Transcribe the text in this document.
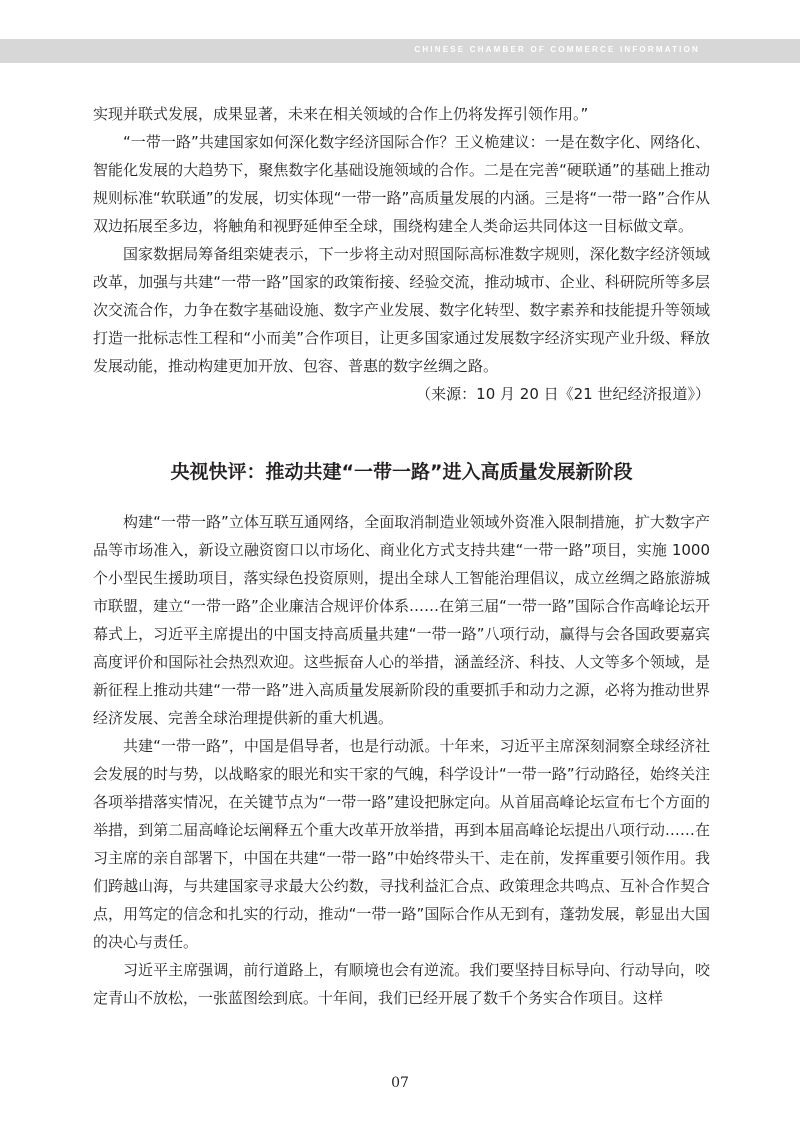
CHINESE CHAMBER OF COMMERCE INFORMATION

实现并联式发展，成果显著，未来在相关领域的合作上仍将发挥引领作用。”

“一带一路”共建国家如何深化数字经济国际合作？王义桅建议：一是在数字化、网络化、智能化发展的大趋势下，聚焦数字化基础设施领域的合作。二是在完善“硬联通”的基础上推动规则标准“软联通”的发展，切实体现“一带一路”高质量发展的内涵。三是将“一带一路”合作从双边拓展至多边，将触角和视野延伸至全球，围绕构建全人类命运共同体这一目标做文章。

国家数据局筹备组栾婕表示，下一步将主动对照国际高标准数字规则，深化数字经济领域改革，加强与共建“一带一路”国家的政策衔接、经验交流，推动城市、企业、科研院所等多层次交流合作，力争在数字基础设施、数字产业发展、数字化转型、数字素养和技能提升等领域打造一批标志性工程和“小而美”合作项目，让更多国家通过发展数字经济实现产业升级、释放发展动能，推动构建更加开放、包容、普惠的数字丝绸之路。

（来源：10 月 20 日《21 世纪经济报道》）

央视快评：推动共建“一带一路”进入高质量发展新阶段

构建“一带一路”立体互联互通网络，全面取消制造业领域外资准入限制措施，扩大数字产品等市场准入，新设立融资窗口以市场化、商业化方式支持共建“一带一路”项目，实施 1000 个小型民生援助项目，落实绿色投资原则，提出全球人工智能治理倡议，成立丝绸之路旅游城市联盟，建立“一带一路”企业廉洁合规评价体系……在第三届“一带一路”国际合作高峰论坛开幕式上，习近平主席提出的中国支持高质量共建“一带一路”八项行动，赢得与会各国政要嘉宾高度评价和国际社会热烈欢迎。这些振奋人心的举措，涵盖经济、科技、人文等多个领域，是新征程上推动共建“一带一路”进入高质量发展新阶段的重要抓手和动力之源，必将为推动世界经济发展、完善全球治理提供新的重大机遇。

共建“一带一路”，中国是倡导者，也是行动派。十年来，习近平主席深刻洞察全球经济社会发展的时与势，以战略家的眼光和实干家的气魄，科学设计“一带一路”行动路径，始终关注各项举措落实情况，在关键节点为“一带一路”建设把脉定向。从首届高峰论坛宣布七个方面的举措，到第二届高峰论坛阐释五个重大改革开放举措，再到本届高峰论坛提出八项行动……在习主席的亲自部署下，中国在共建“一带一路”中始终带头干、走在前，发挥重要引领作用。我们跨越山海，与共建国家寻求最大公约数，寻找利益汇合点、政策理念共鸣点、互补合作契合点，用笃定的信念和扎实的行动，推动“一带一路”国际合作从无到有，蓬勃发展，彰显出大国的决心与责任。

习近平主席强调，前行道路上，有顺境也会有逆流。我们要坚持目标导向、行动导向，咬定青山不放松，一张蓝图绘到底。十年间，我们已经开展了数千个务实合作项目。这样

07
